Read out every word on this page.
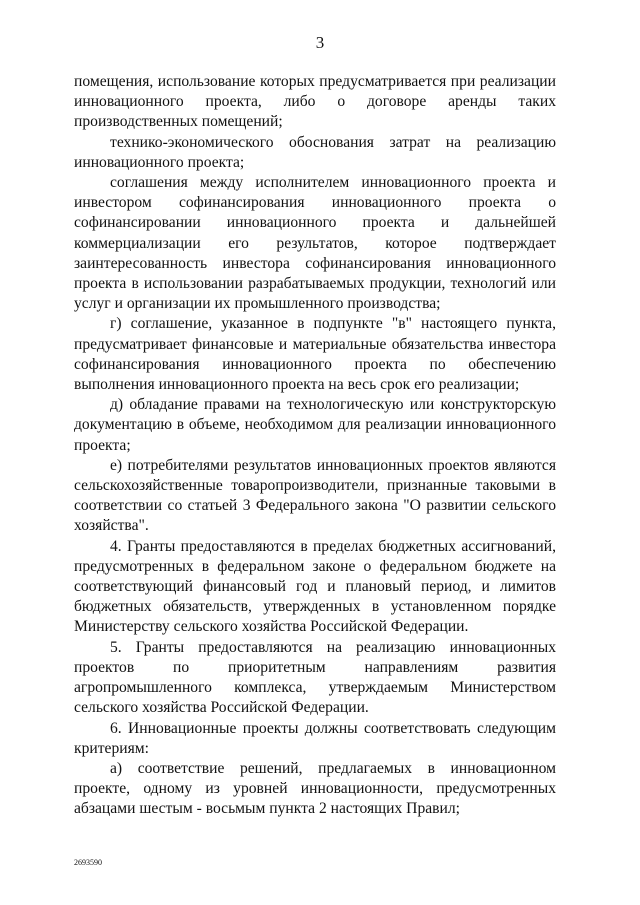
3

помещения, использование которых предусматривается при реализации инновационного проекта, либо о договоре аренды таких производственных помещений;

технико-экономического обоснования затрат на реализацию инновационного проекта;

соглашения между исполнителем инновационного проекта и инвестором софинансирования инновационного проекта о софинансировании инновационного проекта и дальнейшей коммерциализации его результатов, которое подтверждает заинтересованность инвестора софинансирования инновационного проекта в использовании разрабатываемых продукции, технологий или услуг и организации их промышленного производства;

г) соглашение, указанное в подпункте "в" настоящего пункта, предусматривает финансовые и материальные обязательства инвестора софинансирования инновационного проекта по обеспечению выполнения инновационного проекта на весь срок его реализации;

д) обладание правами на технологическую или конструкторскую документацию в объеме, необходимом для реализации инновационного проекта;

е) потребителями результатов инновационных проектов являются сельскохозяйственные товаропроизводители, признанные таковыми в соответствии со статьей 3 Федерального закона "О развитии сельского хозяйства".

4. Гранты предоставляются в пределах бюджетных ассигнований, предусмотренных в федеральном законе о федеральном бюджете на соответствующий финансовый год и плановый период, и лимитов бюджетных обязательств, утвержденных в установленном порядке Министерству сельского хозяйства Российской Федерации.

5. Гранты предоставляются на реализацию инновационных проектов по приоритетным направлениям развития агропромышленного комплекса, утверждаемым Министерством сельского хозяйства Российской Федерации.

6. Инновационные проекты должны соответствовать следующим критериям:

а) соответствие решений, предлагаемых в инновационном проекте, одному из уровней инновационности, предусмотренных абзацами шестым - восьмым пункта 2 настоящих Правил;

2693590
